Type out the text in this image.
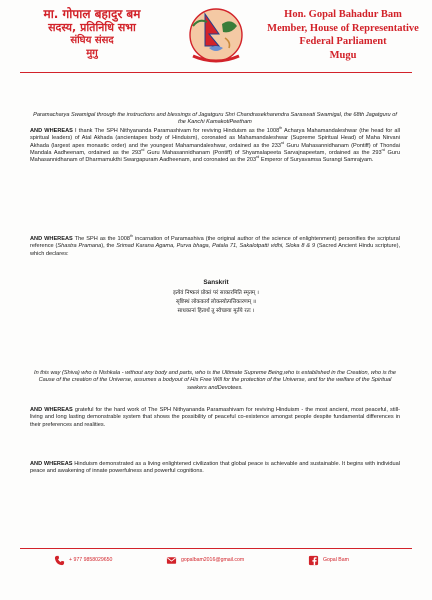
मा. गोपाल बहादुर बम
सदस्य, प्रतिनिधि सभा
संघिय संसद
मुगु
Hon. Gopal Bahadur Bam
Member, House of Representative
Federal Parliament
Mugu
Paramacharya Swamigal through the instructions and blessings of Jagatguru Shri Chandrasekharendra Saraswati Swamigal, the 68th Jagatguru of the Kanchi KamakotiPeetham
AND WHEREAS I thank The SPH Nithyananda Paramashivam for reviving Hinduism as the 1008th Acharya Mahamandaleshwar (the head for all spiritual leaders) of Atal Akhada (ancientapex body of Hinduism), coronated as Mahamandaleshwar (Supreme Spiritual Head) of Maha Nirvani Akhada (largest apex monastic order) and the youngest Mahamandaleshwar, ordained as the 233rd Guru Mahasannidhanam (Pontiff) of Thondai Mandala Aadheenam, ordained as the 293rd Guru Mahasannidhanam (Pontiff) of Shyamalapeeta Sarvajnapeetam, ordained as the 293rd Guru Mahasannidhanam of Dharmamukthi Swargapuram Aadheenam, and coronated as the 203rd Emperor of Suryavamsa Surangi Samrajyam.
AND WHEREAS The SPH as the 1008th incarnation of Paramashiva (the original author of the science of enlightenment) personifies the scriptural reference (Shastra Pramana), the Srimad Karana Agama, Purva bhaga, Patala 71, Sakalotpatti vidhi, Sloka 8 & 9 (Sacred Ancient Hindu scripture), which declares:
Sanskrit
इत्येवं निष्कलं प्रोक्तं परं साकारमिति स्मृतम् ।
सृष्टिस्थं लोककार्यं लोकस्योत्पत्तिकारणम् ॥
साधकानां हितार्थं तु स्वेच्छया मूर्तये रतः ।
In this way (Shiva) who is Nishkala - without any body and parts, who is the Ultimate Supreme Being,who is established in the Creation, who is the Cause of the creation of the Universe, assumes a bodyout of His Free Will for the protection of the Universe, and for the welfare of the Spiritual seekers andDevotees.
AND WHEREAS grateful for the hard work of The SPH Nithyananda Paramashivam for reviving Hinduism - the most ancient, most peaceful, still-living and long lasting demonstrable system that shows the possibility of peaceful co-existence amongst people despite fundamental differences in their preferences and realities.
AND WHEREAS Hinduism demonstrated as a living enlightened civilization that global peace is achievable and sustainable. It begins with individual peace and awakening of innate powerfulness and powerful cognitions.
+ 977 9858029650	gopalbam2016@gmail.com	Gopal Bam
